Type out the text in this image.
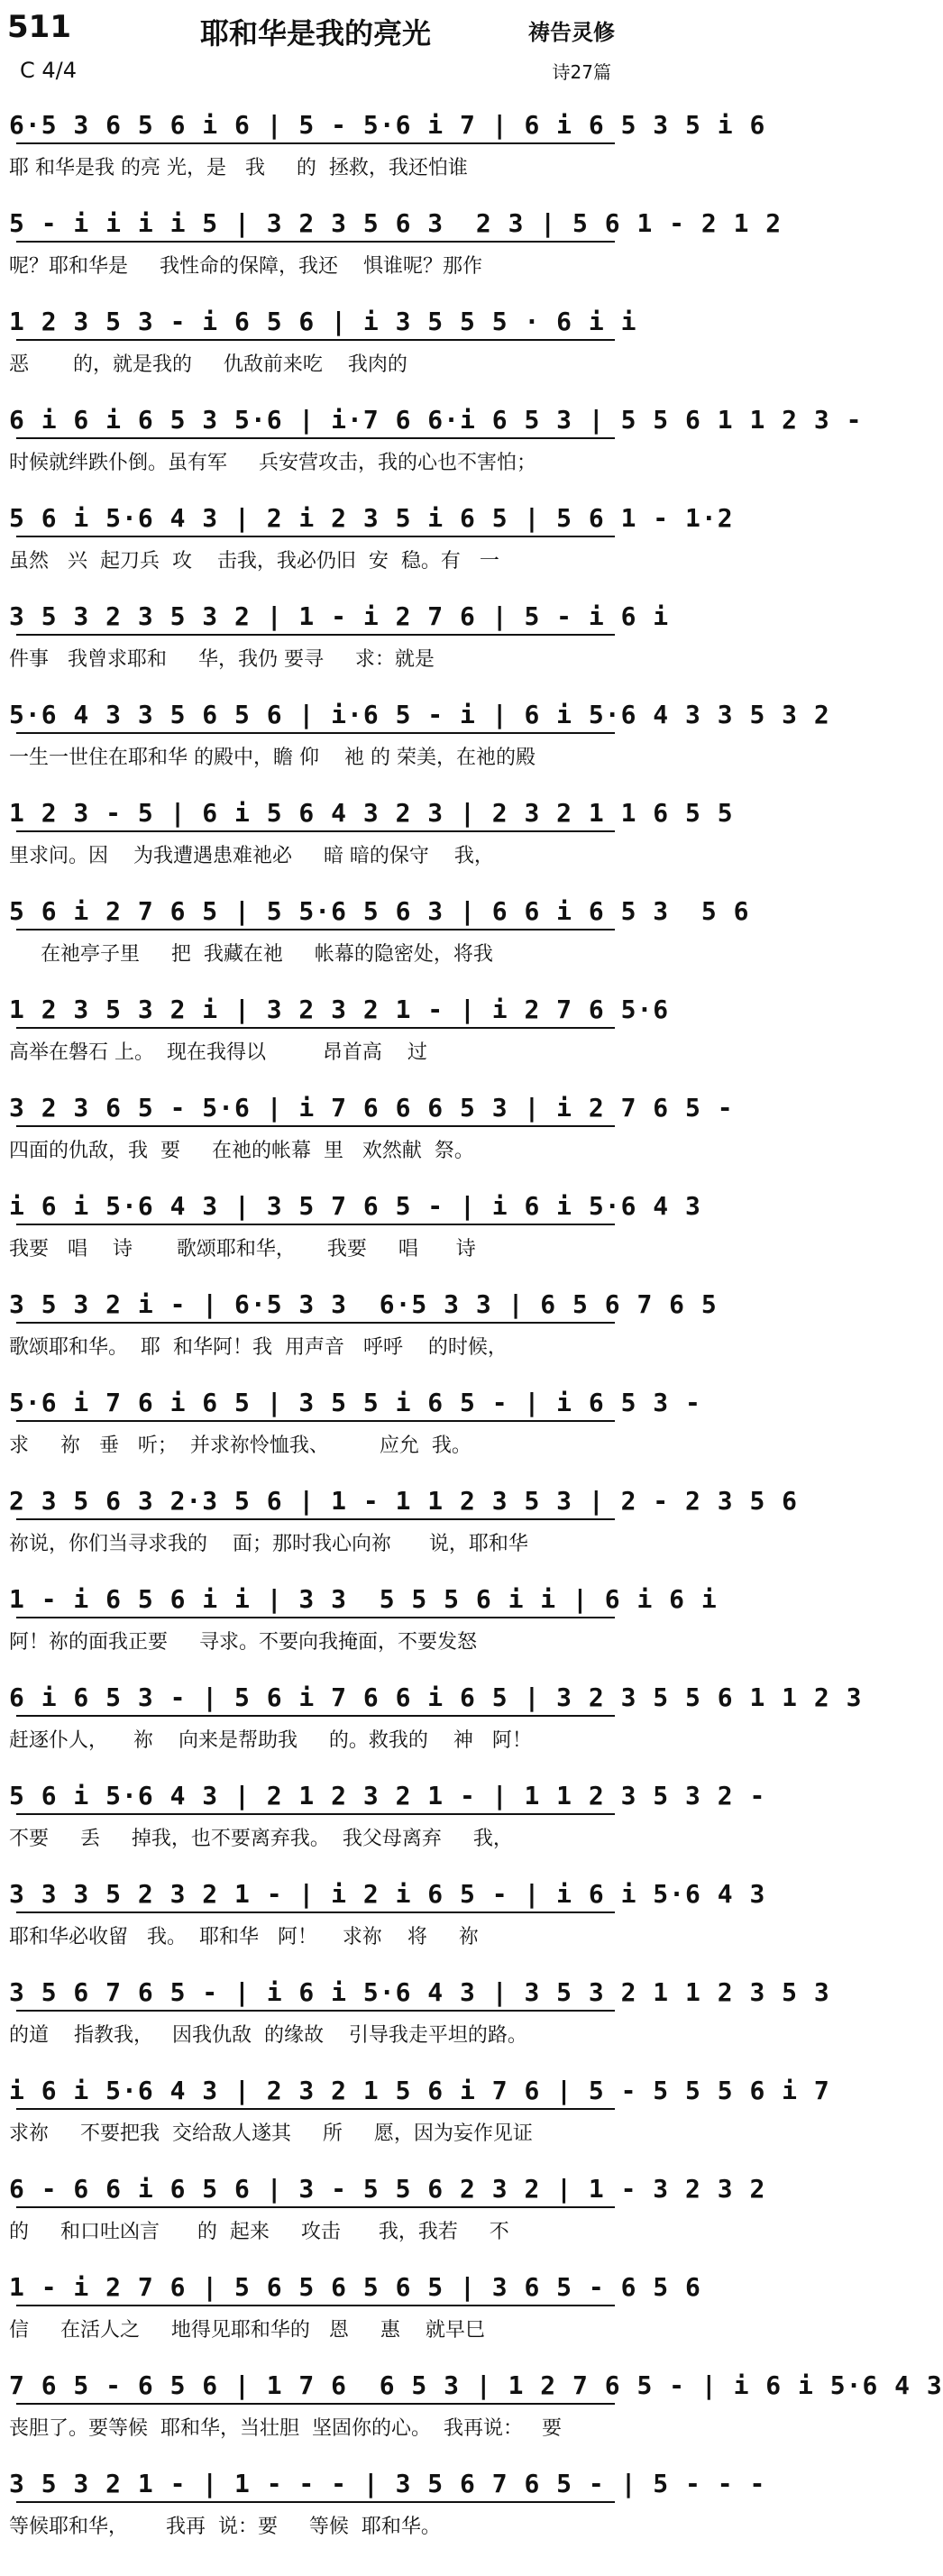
511	耶和华是我的亮光	祷告灵修
C 4/4	诗27篇
6·5 3 6 5 6 i 6 | 5 - 5·6 i 7 | 6 i 6 5 3 5 i 6
耶 和华是我 的亮 光，是   我     的  拯救，我还怕谁
5 - i i i i 5 | 3 2 3 5 6 3  2 3 | 5 6 1 - 2 1 2
呢？耶和华是     我性命的保障，我还    惧谁呢？那作
1 2 3 5 3 - i 6 5 6 | i 3 5 5 5 · 6 i i
恶       的，就是我的     仇敌前来吃    我肉的
6 i 6 i 6 5 3 5·6 | i·7 6 6·i 6 5 3 | 5 5 6 1 1 2 3 -
时候就绊跌仆倒。虽有军     兵安营攻击，我的心也不害怕；
5 6 i 5·6 4 3 | 2 i 2 3 5 i 6 5 | 5 6 1 - 1·2
虽然   兴  起刀兵  攻    击我，我必仍旧  安  稳。有   一
3 5 3 2 3 5 3 2 | 1 - i 2 7 6 | 5 - i 6 i
件事   我曾求耶和     华，我仍 要寻     求：就是
5·6 4 3 3 5 6 5 6 | i·6 5 - i | 6 i 5·6 4 3 3 5 3 2
一生一世住在耶和华 的殿中，瞻 仰    祂 的 荣美，在祂的殿
1 2 3 - 5 | 6 i 5 6 4 3 2 3 | 2 3 2 1 1 6 5 5
里求问。因    为我遭遇患难祂必     暗 暗的保守    我，
5 6 i 2 7 6 5 | 5 5·6 5 6 3 | 6 6 i 6 5 3  5 6
在祂亭子里     把  我藏在祂     帐幕的隐密处，将我
1 2 3 5 3 2 i | 3 2 3 2 1 - | i 2 7 6 5·6
高举在磐石 上。  现在我得以         昂首高    过
3 2 3 6 5 - 5·6 | i 7 6 6 6 5 3 | i 2 7 6 5 -
四面的仇敌，我  要     在祂的帐幕  里   欢然献  祭。
i 6 i 5·6 4 3 | 3 5 7 6 5 - | i 6 i 5·6 4 3
我要   唱    诗       歌颂耶和华，     我要     唱      诗
3 5 3 2 i - | 6·5 3 3  6·5 3 3 | 6 5 6 7 6 5
歌颂耶和华。  耶  和华阿！我  用声音   呼呼    的时候，
5·6 i 7 6 i 6 5 | 3 5 5 i 6 5 - | i 6 5 3 -
求     祢   垂   听；  并求祢怜恤我、        应允  我。
2 3 5 6 3 2·3 5 6 | 1 - 1 1 2 3 5 3 | 2 - 2 3 5 6
祢说，你们当寻求我的    面；那时我心向祢      说，耶和华
1 - i 6 5 6 i i | 3 3  5 5 5 6 i i | 6 i 6 i
阿！祢的面我正要     寻求。不要向我掩面，不要发怒
6 i 6 5 3 - | 5 6 i 7 6 6 i 6 5 | 3 2 3 5 5 6 1 1 2 3
赶逐仆人，    祢    向来是帮助我     的。救我的    神   阿！
5 6 i 5·6 4 3 | 2 1 2 3 2 1 - | 1 1 2 3 5 3 2 -
不要     丢     掉我，也不要离弃我。  我父母离弃     我，
3 3 3 5 2 3 2 1 - | i 2 i 6 5 - | i 6 i 5·6 4 3
耶和华必收留   我。  耶和华   阿！    求祢    将     祢
3 5 6 7 6 5 - | i 6 i 5·6 4 3 | 3 5 3 2 1 1 2 3 5 3
的道    指教我，   因我仇敌  的缘故    引导我走平坦的路。
i 6 i 5·6 4 3 | 2 3 2 1 5 6 i 7 6 | 5 - 5 5 5 6 i 7
求祢     不要把我  交给敌人遂其     所     愿，因为妄作见证
6 - 6 6 i 6 5 6 | 3 - 5 5 6 2 3 2 | 1 - 3 2 3 2
的     和口吐凶言      的  起来     攻击      我，我若     不
1 - i 2 7 6 | 5 6 5 6 5 6 5 | 3 6 5 - 6 5 6
信     在活人之     地得见耶和华的   恩     惠    就早巳
7 6 5 - 6 5 6 | 1 7 6  6 5 3 | 1 2 7 6 5 - | i 6 i 5·6 4 3
丧胆了。要等候  耶和华，当壮胆  坚固你的心。  我再说：   要
3 5 3 2 1 - | 1 - - - | 3 5 6 7 6 5 - | 5 - - -
等候耶和华，      我再  说：要     等候  耶和华。
